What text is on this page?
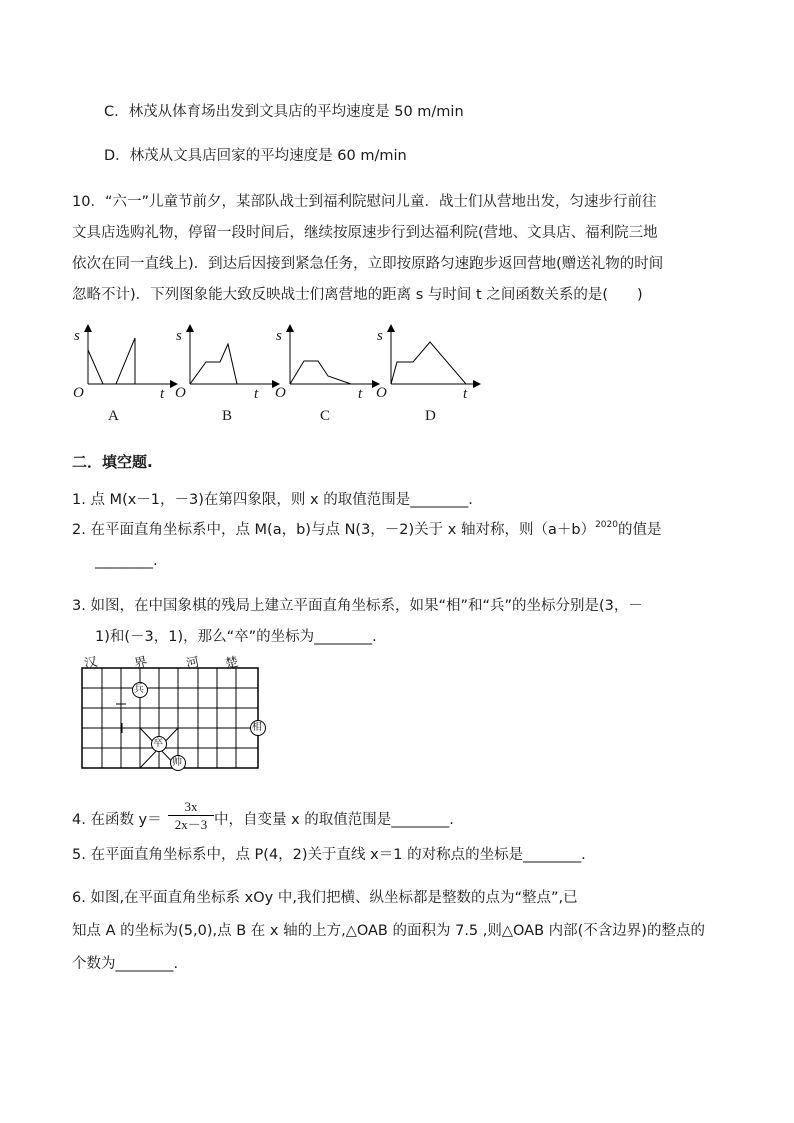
C．林茂从体育场出发到文具店的平均速度是 50 m/min
D．林茂从文具店回家的平均速度是 60 m/min
10．“六一”儿童节前夕，某部队战士到福利院慰问儿童．战士们从营地出发，匀速步行前往
文具店选购礼物，停留一段时间后，继续按原速步行到达福利院(营地、文具店、福利院三地
依次在同一直线上)．到达后因接到紧急任务，立即按原路匀速跑步返回营地(赠送礼物的时间
忽略不计)．下列图象能大致反映战士们离营地的距离 s 与时间 t 之间函数关系的是(　　)
s
O	t
A
s
O	t
B
s
O	t
C
s
O	t
D
二．填空题.
1. 点 M(x－1，－3)在第四象限，则 x 的取值范围是________.
2. 在平面直角坐标系中，点 M(a，b)与点 N(3，－2)关于 x 轴对称，则$(a+b)^{2020}$的值是
________.
3. 如图，在中国象棋的残局上建立平面直角坐标系，如果“相”和“兵”的坐标分别是(3，－
1)和(－3，1)，那么“卒”的坐标为________.
汉	界	河 楚
兵
相
卒
帅
4. 在函数 $y= \frac{3x}{2x-3}$ 中，自变量 x 的取值范围是________.
5. 在平面直角坐标系中，点 P(4，2)关于直线 x＝1 的对称点的坐标是________.
6. 如图,在平面直角坐标系 xOy 中,我们把横、纵坐标都是整数的点为“整点”,已
知点 A 的坐标为(5,0),点 B 在 x 轴的上方,△OAB 的面积为 7.5 ,则△OAB 内部(不含边界)的整点的
个数为________.
